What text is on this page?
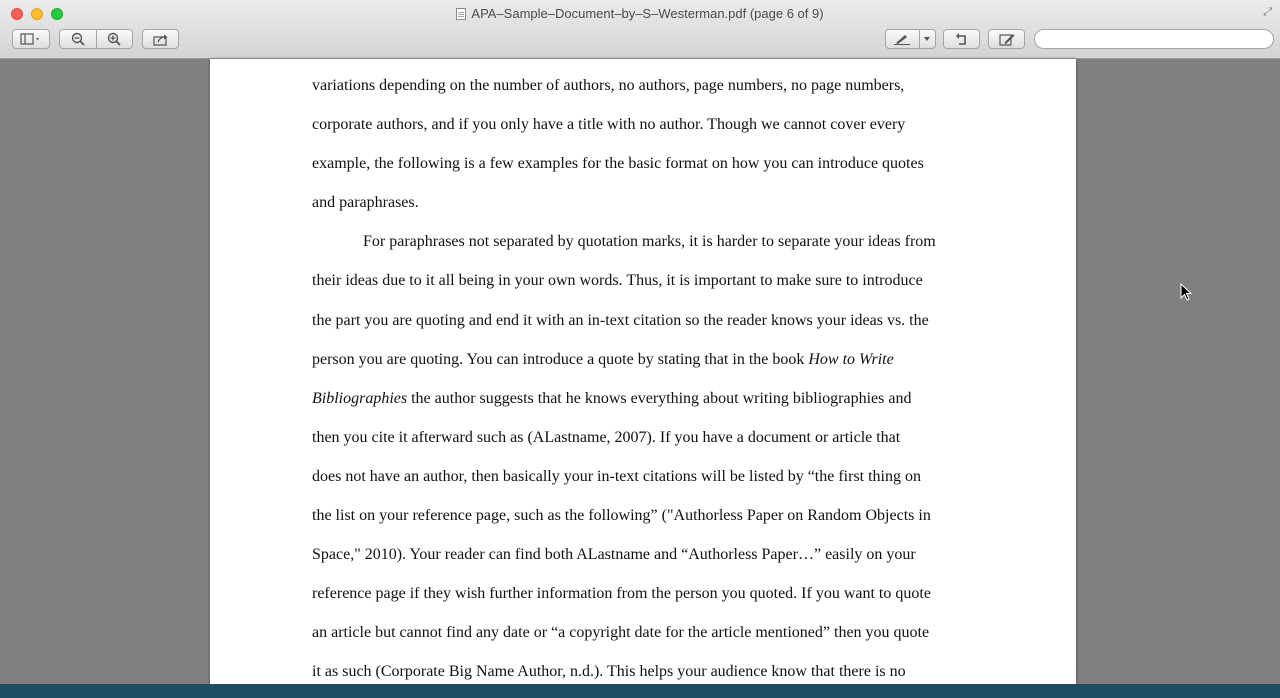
APA–Sample–Document–by–S–Westerman.pdf (page 6 of 9)	⤢
variations depending on the number of authors, no authors, page numbers, no page numbers,
corporate authors, and if you only have a title with no author. Though we cannot cover every
example, the following is a few examples for the basic format on how you can introduce quotes
and paraphrases.
For paraphrases not separated by quotation marks, it is harder to separate your ideas from
their ideas due to it all being in your own words. Thus, it is important to make sure to introduce
the part you are quoting and end it with an in-text citation so the reader knows your ideas vs. the
person you are quoting. You can introduce a quote by stating that in the book How to Write
Bibliographies the author suggests that he knows everything about writing bibliographies and
then you cite it afterward such as (ALastname, 2007). If you have a document or article that
does not have an author, then basically your in-text citations will be listed by “the first thing on
the list on your reference page, such as the following” ("Authorless Paper on Random Objects in
Space," 2010). Your reader can find both ALastname and “Authorless Paper…” easily on your
reference page if they wish further information from the person you quoted. If you want to quote
an article but cannot find any date or “a copyright date for the article mentioned” then you quote
it as such (Corporate Big Name Author, n.d.). This helps your audience know that there is no
